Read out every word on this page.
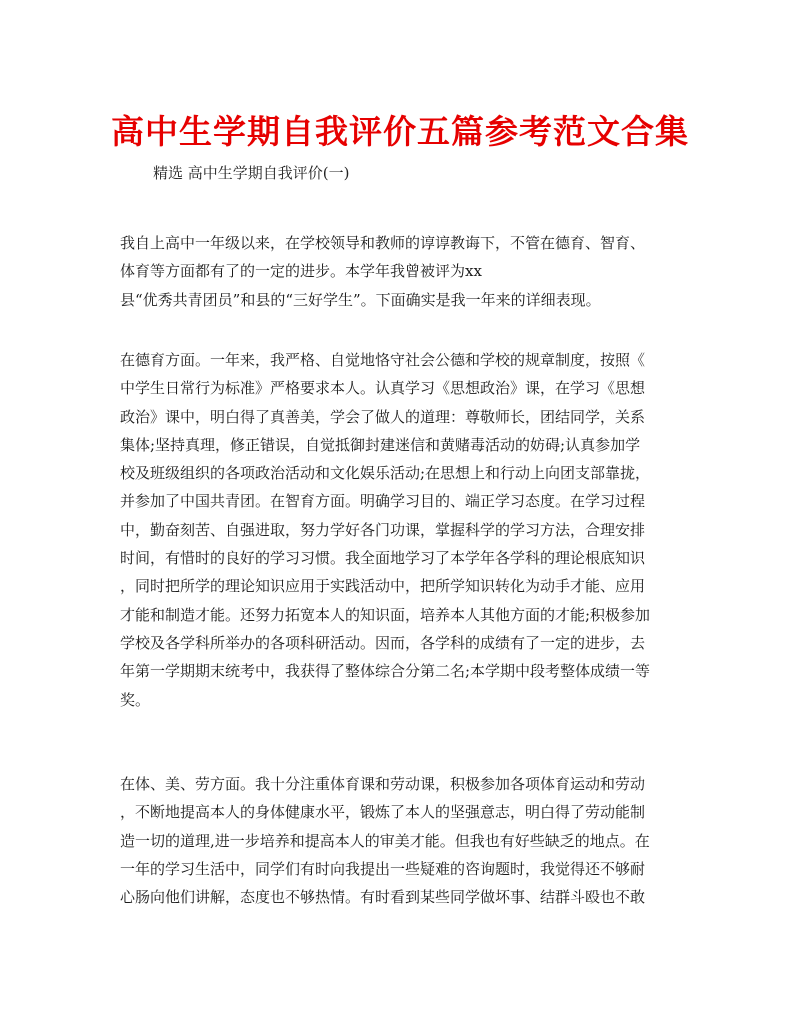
高中生学期自我评价五篇参考范文合集
精选 高中生学期自我评价(一)
我自上高中一年级以来，在学校领导和教师的谆谆教诲下，不管在德育、智育、
体育等方面都有了的一定的进步。本学年我曾被评为xx
县“优秀共青团员”和县的“三好学生”。下面确实是我一年来的详细表现。
在德育方面。一年来，我严格、自觉地恪守社会公德和学校的规章制度，按照《
中学生日常行为标准》严格要求本人。认真学习《思想政治》课，在学习《思想
政治》课中，明白得了真善美，学会了做人的道理：尊敬师长，团结同学，关系
集体;坚持真理，修正错误，自觉抵御封建迷信和黄赌毒活动的妨碍;认真参加学
校及班级组织的各项政治活动和文化娱乐活动;在思想上和行动上向团支部靠拢，
并参加了中国共青团。在智育方面。明确学习目的、端正学习态度。在学习过程
中，勤奋刻苦、自强进取，努力学好各门功课，掌握科学的学习方法，合理安排
时间，有惜时的良好的学习习惯。我全面地学习了本学年各学科的理论根底知识
，同时把所学的理论知识应用于实践活动中，把所学知识转化为动手才能、应用
才能和制造才能。还努力拓宽本人的知识面，培养本人其他方面的才能;积极参加
学校及各学科所举办的各项科研活动。因而，各学科的成绩有了一定的进步，去
年第一学期期末统考中，我获得了整体综合分第二名;本学期中段考整体成绩一等
奖。
在体、美、劳方面。我十分注重体育课和劳动课，积极参加各项体育运动和劳动
，不断地提高本人的身体健康水平，锻炼了本人的坚强意志，明白得了劳动能制
造一切的道理,进一步培养和提高本人的审美才能。但我也有好些缺乏的地点。在
一年的学习生活中，同学们有时向我提出一些疑难的咨询题时，我觉得还不够耐
心肠向他们讲解，态度也不够热情。有时看到某些同学做坏事、结群斗殴也不敢
